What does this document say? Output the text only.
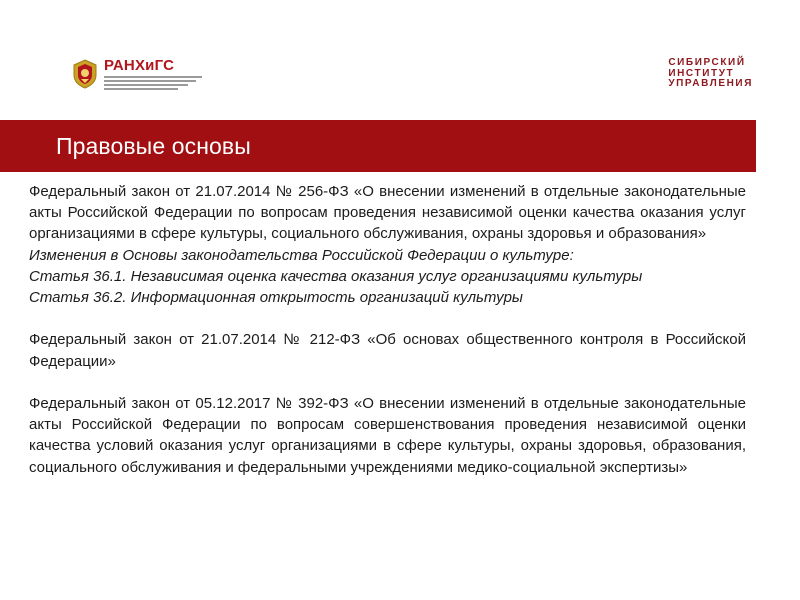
РАНХиГС	СИБИРСКИЙ
ИНСТИТУТ
УПРАВЛЕНИЯ
Правовые основы

Федеральный закон от 21.07.2014 № 256-ФЗ «О внесении изменений в отдельные законодательные акты Российской Федерации по вопросам проведения независимой оценки качества оказания услуг организациями в сфере культуры, социального обслуживания, охраны здоровья и образования»

Изменения в Основы законодательства Российской Федерации о культуре:

Статья 36.1. Независимая оценка качества оказания услуг организациями культуры

Статья 36.2. Информационная открытость организаций культуры

Федеральный закон от 21.07.2014 № 212-ФЗ «Об основах общественного контроля в Российской Федерации»

Федеральный закон от 05.12.2017 № 392-ФЗ «О внесении изменений в отдельные законодательные акты Российской Федерации по вопросам совершенствования проведения независимой оценки качества условий оказания услуг организациями в сфере культуры, охраны здоровья, образования, социального обслуживания и федеральными учреждениями медико-социальной экспертизы»
